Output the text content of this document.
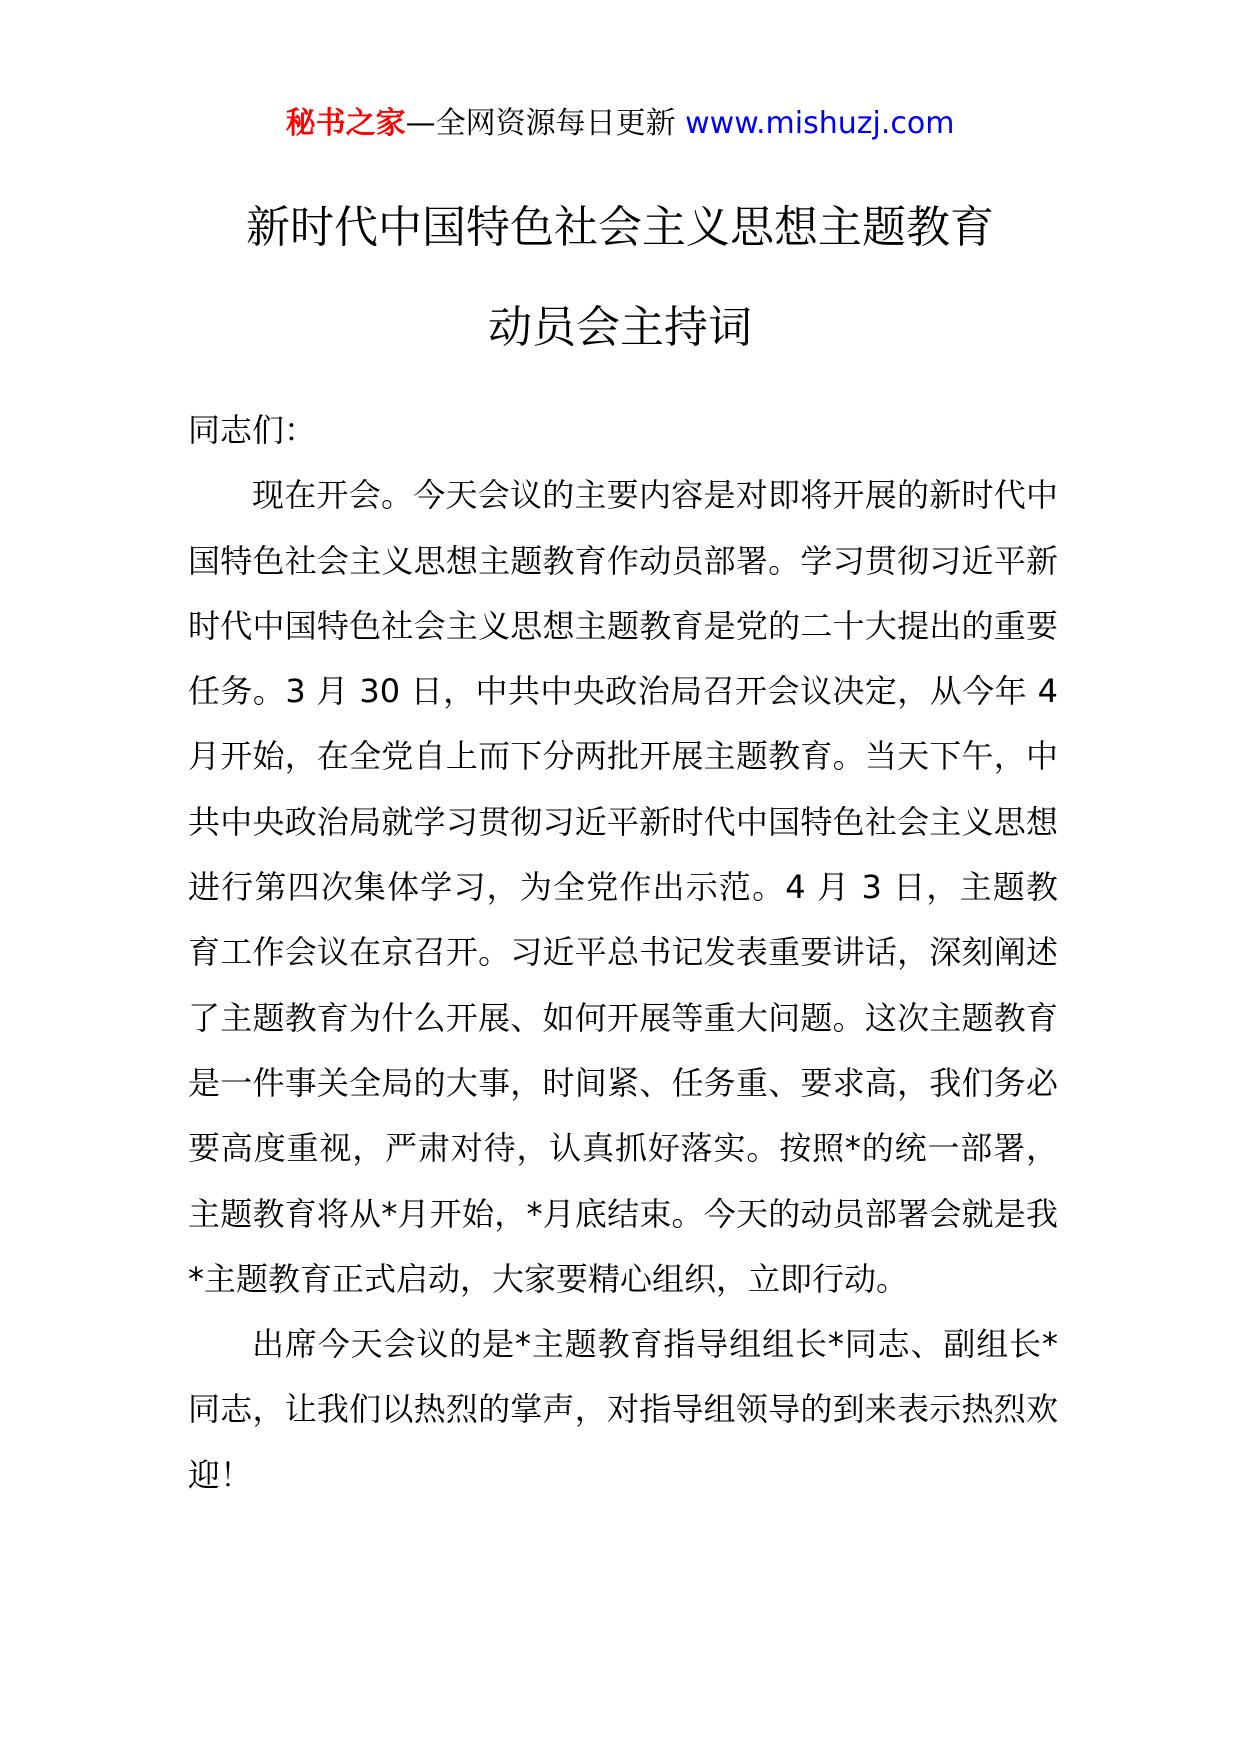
秘书之家—全网资源每日更新 www.mishuzj.com
新时代中国特色社会主义思想主题教育
动员会主持词

同志们：

现在开会。今天会议的主要内容是对即将开展的新时代中国特色社会主义思想主题教育作动员部署。学习贯彻习近平新时代中国特色社会主义思想主题教育是党的二十大提出的重要任务。3 月 30 日，中共中央政治局召开会议决定，从今年 4 月开始，在全党自上而下分两批开展主题教育。当天下午，中共中央政治局就学习贯彻习近平新时代中国特色社会主义思想进行第四次集体学习，为全党作出示范。4 月 3 日，主题教育工作会议在京召开。习近平总书记发表重要讲话，深刻阐述了主题教育为什么开展、如何开展等重大问题。这次主题教育是一件事关全局的大事，时间紧、任务重、要求高，我们务必要高度重视，严肃对待，认真抓好落实。按照*的统一部署，主题教育将从*月开始，*月底结束。今天的动员部署会就是我*主题教育正式启动，大家要精心组织，立即行动。

出席今天会议的是*主题教育指导组组长*同志、副组长*同志，让我们以热烈的掌声，对指导组领导的到来表示热烈欢迎！
